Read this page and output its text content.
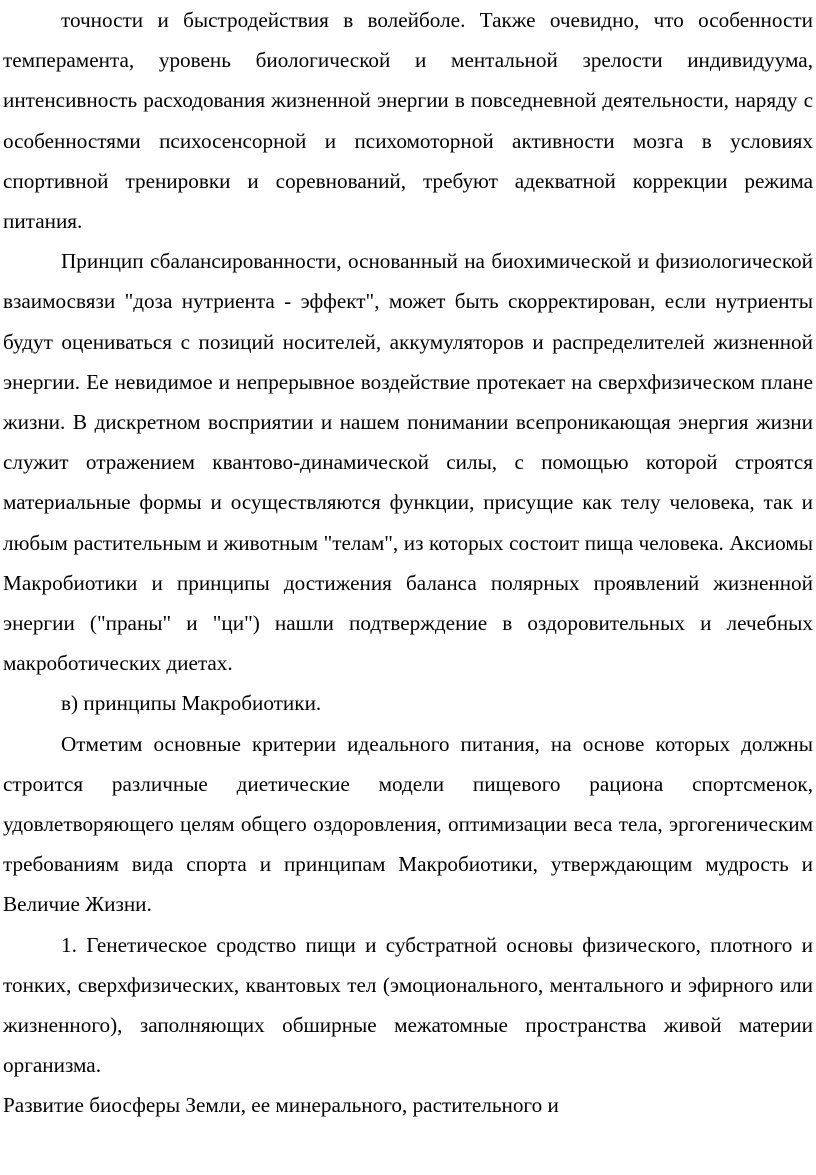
точности и быстродействия в волейболе. Также очевидно, что особенности темперамента, уровень биологической и ментальной зрелости индивидуума, интенсивность расходования жизненной энергии в повседневной деятельности, наряду с особенностями психосенсорной и психомоторной активности мозга в условиях спортивной тренировки и соревнований, требуют адекватной коррекции режима питания.

Принцип сбалансированности, основанный на биохимической и физиологической взаимосвязи "доза нутриента - эффект", может быть скорректирован, если нутриенты будут оцениваться с позиций носителей, аккумуляторов и распределителей жизненной энергии. Ее невидимое и непрерывное воздействие протекает на сверхфизическом плане жизни. В дискретном восприятии и нашем понимании всепроникающая энергия жизни служит отражением квантово-динамической силы, с помощью которой строятся материальные формы и осуществляются функции, присущие как телу человека, так и любым растительным и животным "телам", из которых состоит пища человека. Аксиомы Макробиотики и принципы достижения баланса полярных проявлений жизненной энергии ("праны" и "ци") нашли подтверждение в оздоровительных и лечебных макроботических диетах.

в) принципы Макробиотики.

Отметим основные критерии идеального питания, на основе которых должны строится различные диетические модели пищевого рациона спортсменок, удовлетворяющего целям общего оздоровления, оптимизации веса тела, эргогеническим требованиям вида спорта и принципам Макробиотики, утверждающим мудрость и Величие Жизни.

1. Генетическое сродство пищи и субстратной основы физического, плотного и тонких, сверхфизических, квантовых тел (эмоционального, ментального и эфирного или жизненного), заполняющих обширные межатомные пространства живой материи организма.

Развитие биосферы Земли, ее минерального, растительного и
